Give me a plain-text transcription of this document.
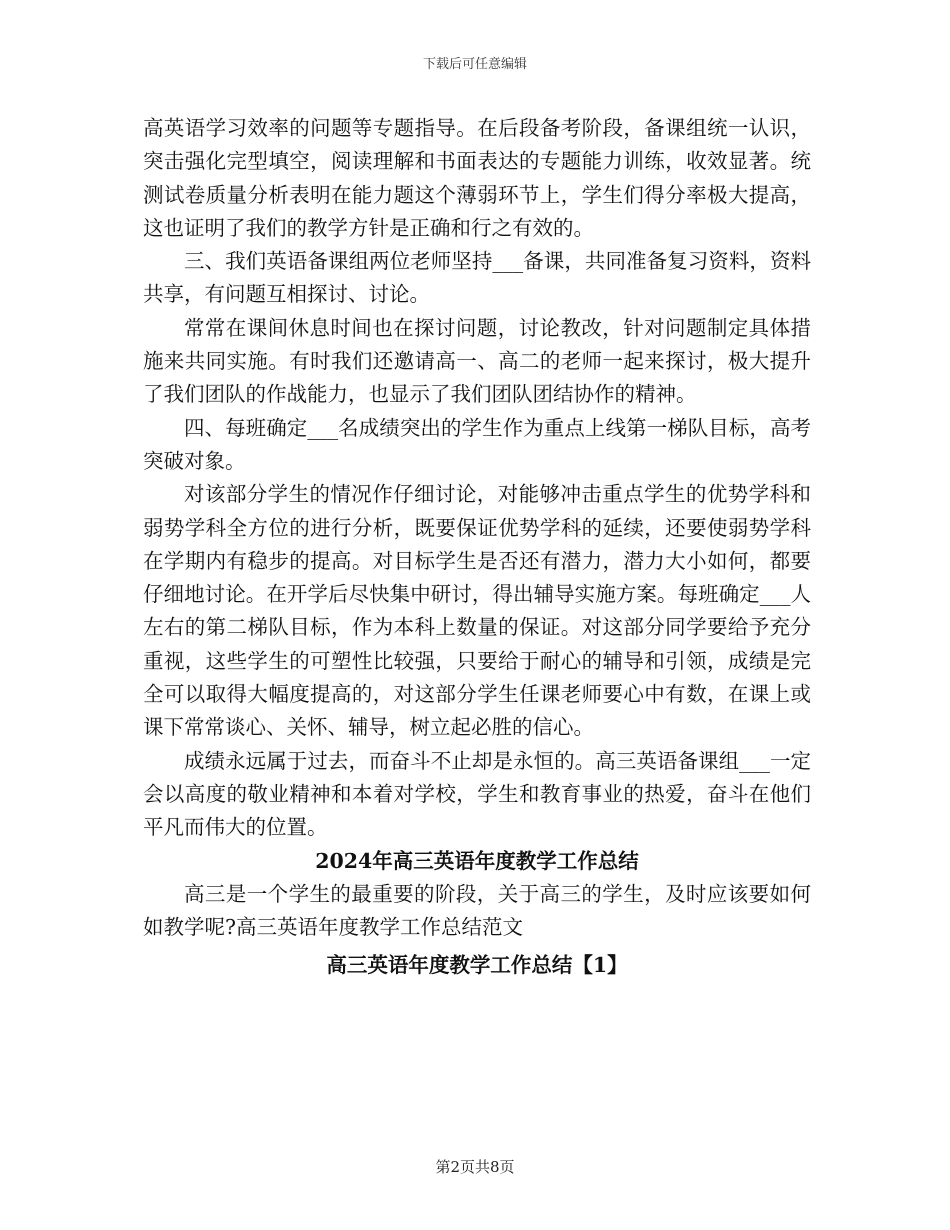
下载后可任意编辑

高英语学习效率的问题等专题指导。在后段备考阶段，备课组统一认识，突击强化完型填空，阅读理解和书面表达的专题能力训练，收效显著。统测试卷质量分析表明在能力题这个薄弱环节上，学生们得分率极大提高，这也证明了我们的教学方针是正确和行之有效的。

三、我们英语备课组两位老师坚持___备课，共同准备复习资料，资料共享，有问题互相探讨、讨论。

常常在课间休息时间也在探讨问题，讨论教改，针对问题制定具体措施来共同实施。有时我们还邀请高一、高二的老师一起来探讨，极大提升了我们团队的作战能力，也显示了我们团队团结协作的精神。

四、每班确定___名成绩突出的学生作为重点上线第一梯队目标，高考突破对象。

对该部分学生的情况作仔细讨论，对能够冲击重点学生的优势学科和弱势学科全方位的进行分析，既要保证优势学科的延续，还要使弱势学科在学期内有稳步的提高。对目标学生是否还有潜力，潜力大小如何，都要仔细地讨论。在开学后尽快集中研讨，得出辅导实施方案。每班确定___人左右的第二梯队目标，作为本科上数量的保证。对这部分同学要给予充分重视，这些学生的可塑性比较强，只要给于耐心的辅导和引领，成绩是完全可以取得大幅度提高的，对这部分学生任课老师要心中有数，在课上或课下常常谈心、关怀、辅导，树立起必胜的信心。

成绩永远属于过去，而奋斗不止却是永恒的。高三英语备课组___一定会以高度的敬业精神和本着对学校，学生和教育事业的热爱，奋斗在他们平凡而伟大的位置。

2024年高三英语年度教学工作总结

高三是一个学生的最重要的阶段，关于高三的学生，及时应该要如何如教学呢?高三英语年度教学工作总结范文

高三英语年度教学工作总结【1】

第2页共8页
